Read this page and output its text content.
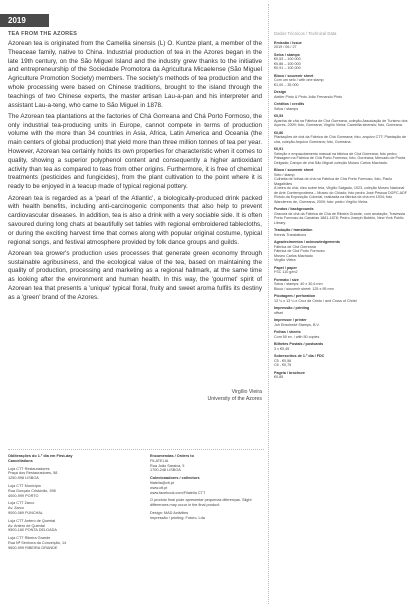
2019
TEA FROM THE AZORES

Azorean tea is originated from the Camellia sinensis (L) O. Kuntze plant, a member of the Theaceae family, native to China. Industrial production of tea in the Azores began in the late 19th century, on the São Miguel Island and the industry grew thanks to the initiative and entrepreneurship of the Sociedade Promotora da Agricultura Micaelense (São Miguel Agriculture Promotion Society) members. The society's methods of tea production and the whole processing were based on Chinese traditions, brought to the island through the teachings of two Chinese experts, the master artisan Lau-a-pan and his interpreter and assistant Lau-a-teng, who came to São Miguel in 1878.

The Azorean tea plantations at the factories of Chá Gorreana and Chá Porto Formoso, the only industrial tea-producing units in Europe, cannot compete in terms of production volume with the more than 34 countries in Asia, Africa, Latin America and Oceania (the main centers of global production) that yield more than three million tonnes of tea per year. However, Azorean tea certainly holds its own properties for characteristic when it comes to quality, showing a superior polyphenol content and consequently a higher antioxidant activity than tea as compared to teas from other origins. Furthermore, it is free of chemical treatments (pesticides and fungicides), from the plant cultivation to the point where it is ready to be enjoyed in a teacup made of typical regional pottery.

Azorean tea is regarded as a 'pearl of the Atlantic', a biologically-produced drink packed with health benefits, including anti-carcinogenic components that also help to prevent cardiovascular diseases. In addition, tea is also a drink with a very sociable side. It is often savoured during long chats at beautifully set tables with regional embroidered tablecloths, or during the exciting harvest time that comes along with popular original costume, typical regional songs, and festival atmosphere provided by folk dance groups and guilds.

Azorean tea grower's production uses processes that generate green economy through sustainable agribusiness, and the ecological value of the tea, based on maintaining the quality of production, processing and marketing as a regional hallmark, at the same time as looking after the environment and human health. In this way, the 'gourmet' spirit of Azorean tea that presents a 'unique' typical floral, fruity and sweet aroma fulfils its destiny as a 'green' brand of the Azores.

Virgílio Vieira
University of the Azores
Obliterações do 1.º dia em First-day Cancellations
Loja CTT Restauradores
Praça dos Restauradores, 58
1250-998 LISBOA
Loja CTT Município
Rua Gonçalo Cristóvão, 398
4000-999 PORTO
Loja CTT Zarco
Av. Zarco
9000-069 FUNCHAL
Loja CTT Antero de Quental
Av. Antero de Quental
9500-160 PONTA DELGADA
Loja CTT Ribeira Grande
Rua Nª Senhora da Conceição, 14
9600-999 RIBEIRA GRANDE
Encomendas / Orders to
FILATELIA
Rua João Saraiva, 9
1700-248 LISBOA
Colecionadores / collectors
filatelia@ctt.pt
www.ctt.pt
www.facebook.com/Filatelia CTT
O produto final pode apresentar pequenas diferenças. Slight differences may occur in the final product.
Design: MAD Activities
Impressão / printing: Futuro, Lda
Dados Técnicos / Technical Data
Emissão / issue
2019 / 06 / 27
Selos / stamps
€0,53 – 100 000
€0,86 – 100 000
€0,91 – 100 000
Bloco / souvenir sheet
Com um selo / with one stamp
€1,00 – 35 000
Design
Atelier Pinto & Pinto João Fernando Pinto
Créditos / credits
Selos / stamps
€0,53
Apanha de chá na Fábrica de Chá Gorreana, coleção Associação de Turismo dos Açores, 2009; foto, Gorreana; Virgílio Vieira; Camellia sinensis; foto, Gorreana.
€0,86
Plantações de chá da Fábrica de Chá Gorreana; foto, arquivo CTT; Plantação de chá, coleção Arquivo Gorreana; foto, Gorreana.
€0,91
Seleção e empacotamento manual na fábrica de Chá Gorreana; foto pedro; Paisagem na Fábrica de Chá Porto Formoso; foto, Gorreana; Mercado de Ponta Delgada; Campo de chá São Miguel coleção Museu Carlos Machado.
Bloco / souvenir sheet
Selo / stamp
Colheita de folhas de chá na Fábrica de Chá Porto Formoso, foto, Paulo Magalhães
À beira do chá, óleo sobre tela, Virgílio Salgado, 1923, coleção Museu Nacional de Arte Contemporânea – Museu do Chiado; foto pedro José Pessoa DGPC.ADF
Rótulo da Exposição Colonial, realizada na fábrica de chá em 1934; foto Wanderers de, Gorreana, 2009; foto: pedro Virgílio Vieira.
Fundos / backgrounds
Gravura de chá da Fábrica de Chá de Ribeira Grande, com anotação; Travessia Porto Formoso às Canárias 1861-1878; Pedro Joseph Bobbio, New York Public Library.
Tradução / translation
Kennis Translations
Agradecimentos / acknowledgements
Fábrica de Chá Gorreana
Fábrica de Chá Porto Formoso
Museu Carlos Machado
Virgílio Vieira
Papel / paper
FSC 110 g/m2
Formato / size
Selos / stamps: 40 x 30,6 mm
Bloco / souvenir sheet: 125 x 95 mm
Picotagem / perforation
13 ¼ x 13 ¼ e Cruz de Cristo / and Cross of Christ
Impressão / printing
offset
Impressor / printer
Joh Enschedé Stamps, B.V.
Folhas / sheets
Com 50 ex. / with 50 copies
Bilhetes Postais / postcards
3 x €0,45
Sobrescritos de 1.º dia / FDC
C5 - €0,56
C6 - €0,75
Pagela / brochure
€0,85
